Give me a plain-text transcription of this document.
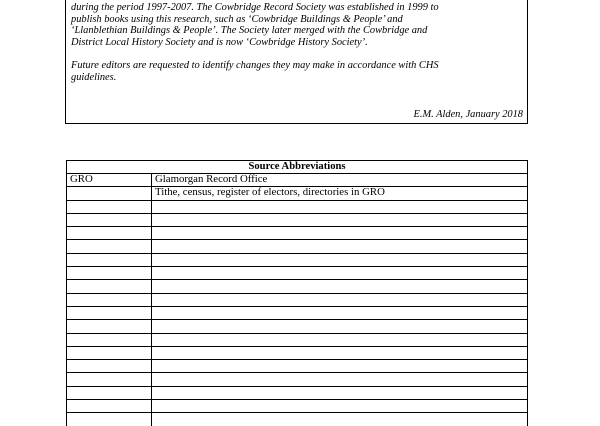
during the period 1997-2007. The Cowbridge Record Society was established in 1999 to
publish books using this research, such as ‘Cowbridge Buildings & People’ and
‘Llanblethian Buildings & People’. The Society later merged with the Cowbridge and
District Local History Society and is now ‘Cowbridge History Society’.

Future editors are requested to identify changes they may make in accordance with CHS
guidelines.

E.M. Alden, January 2018
Source Abbreviations	
GRO	Glamorgan Record Office
	Tithe, census, register of electors, directories in GRO
